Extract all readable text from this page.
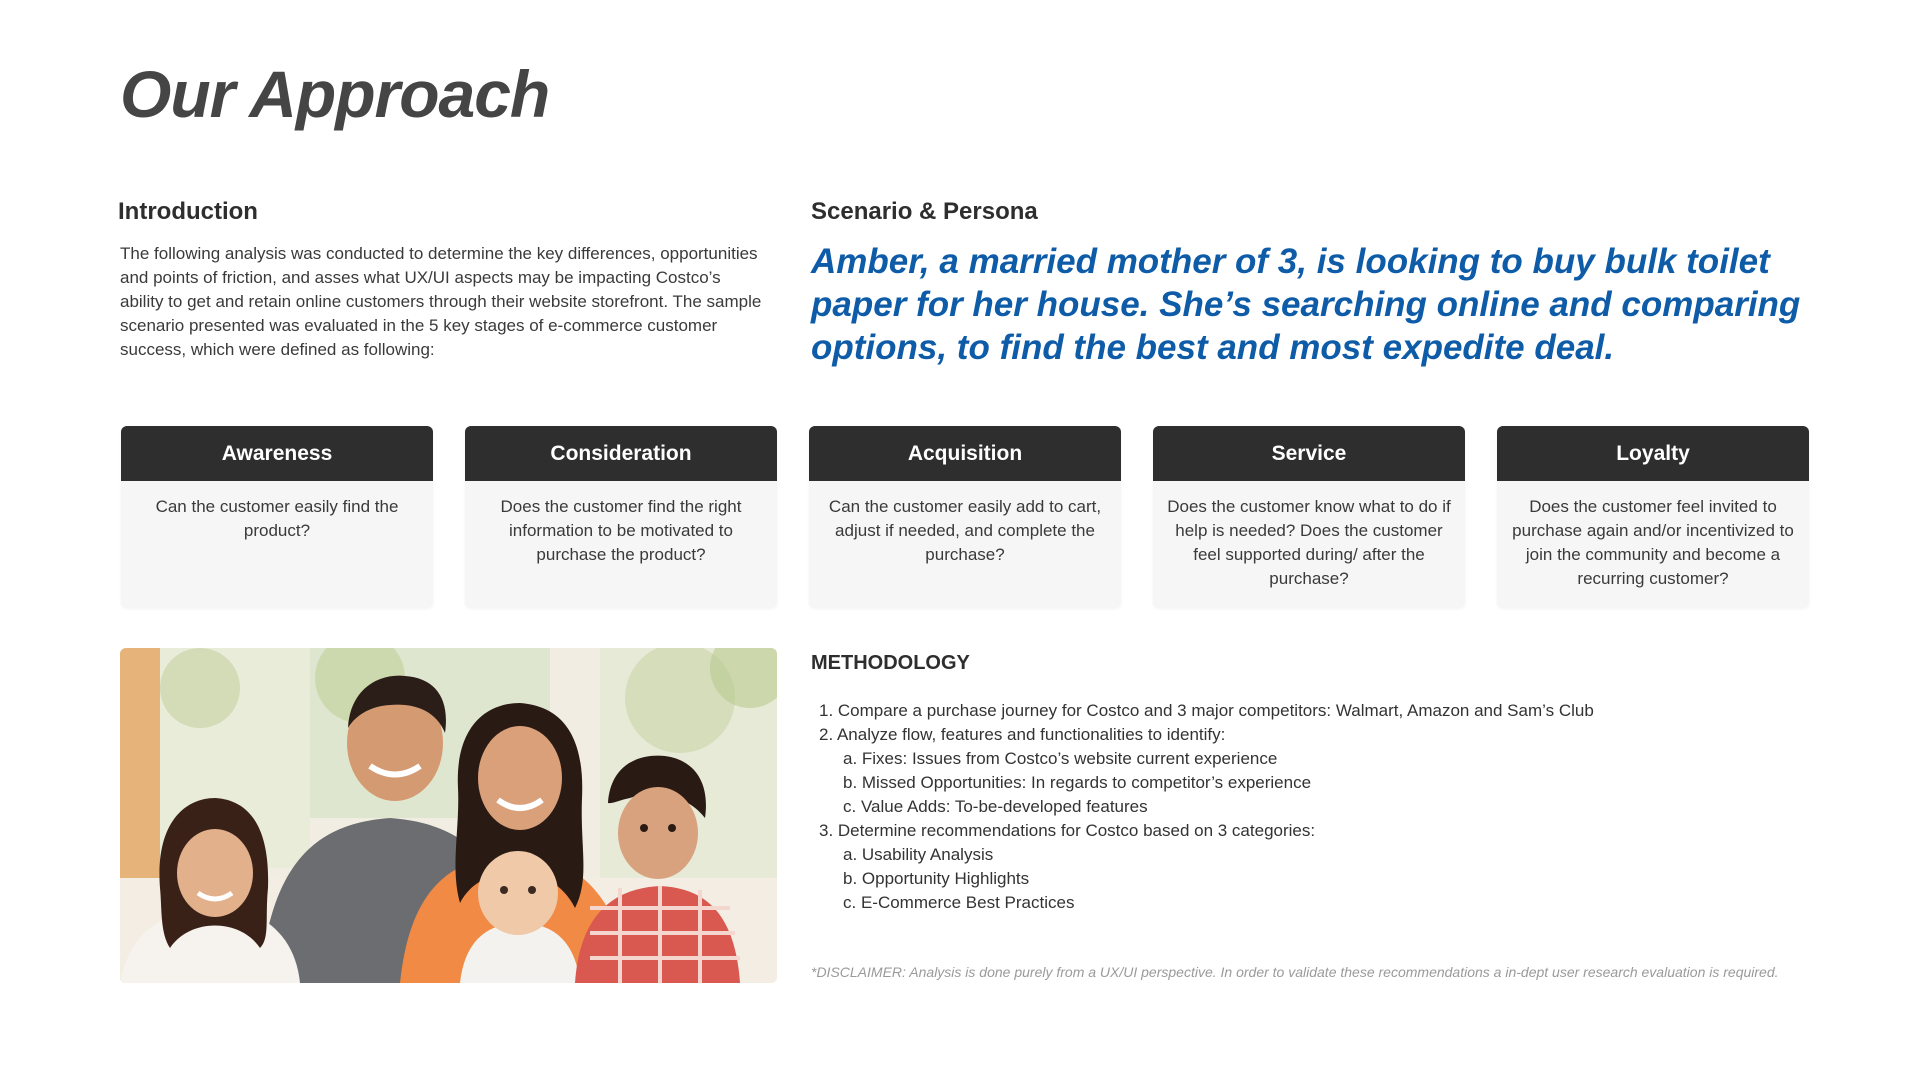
Our Approach
Introduction

The following analysis was conducted to determine the key differences, opportunities and points of friction, and asses what UX/UI aspects may be impacting Costco’s ability to get and retain online customers through their website storefront. The sample scenario presented was evaluated in the 5 key stages of e-commerce customer success, which were defined as following:

Scenario & Persona

Amber, a married mother of 3, is looking to buy bulk toilet paper for her house. She’s searching online and comparing options, to find the best and most expedite deal.

Awareness
Can the customer easily find the product?
Consideration
Does the customer find the right information to be motivated to purchase the product?
Acquisition
Can the customer easily add to cart, adjust if needed, and complete the purchase?
Service
Does the customer know what to do if help is needed? Does the customer feel supported during/ after the purchase?
Loyalty
Does the customer feel invited to purchase again and/or incentivized to join the community and become a recurring customer?
METHODOLOGY
1. Compare a purchase journey for Costco and 3 major competitors: Walmart, Amazon and Sam’s Club
2. Analyze flow, features and functionalities to identify:
a. Fixes: Issues from Costco’s website current experience
b. Missed Opportunities: In regards to competitor’s experience
c. Value Adds: To-be-developed features
3. Determine recommendations for Costco based on 3 categories:
a. Usability Analysis
b. Opportunity Highlights
c. E-Commerce Best Practices
*DISCLAIMER: Analysis is done purely from a UX/UI perspective. In order to validate these recommendations a in-dept user research evaluation is required.
